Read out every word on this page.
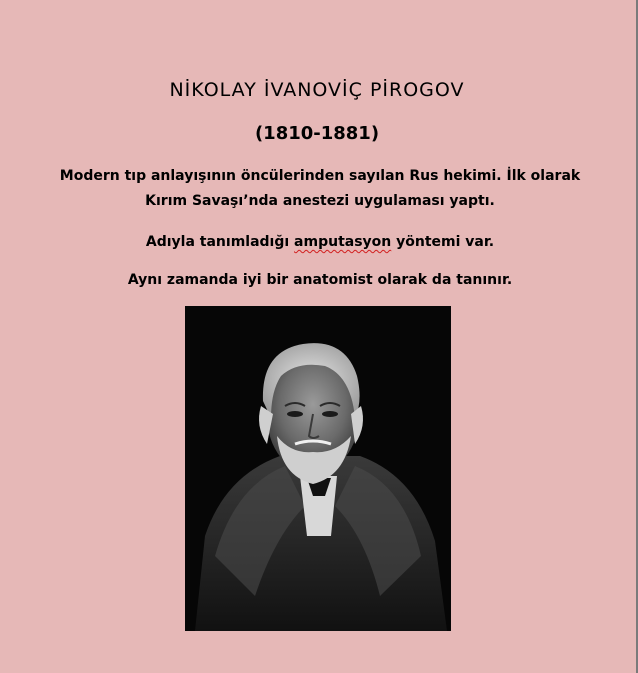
NİKOLAY İVANOVİÇ PİROGOV
(1810-1881)
Modern tıp anlayışının öncülerinden sayılan Rus hekimi. İlk olarak Kırım Savaşı’nda anestezi uygulaması yaptı.
Adıyla tanımladığı amputasyon yöntemi var.
Aynı zamanda iyi bir anatomist olarak da tanınır.
